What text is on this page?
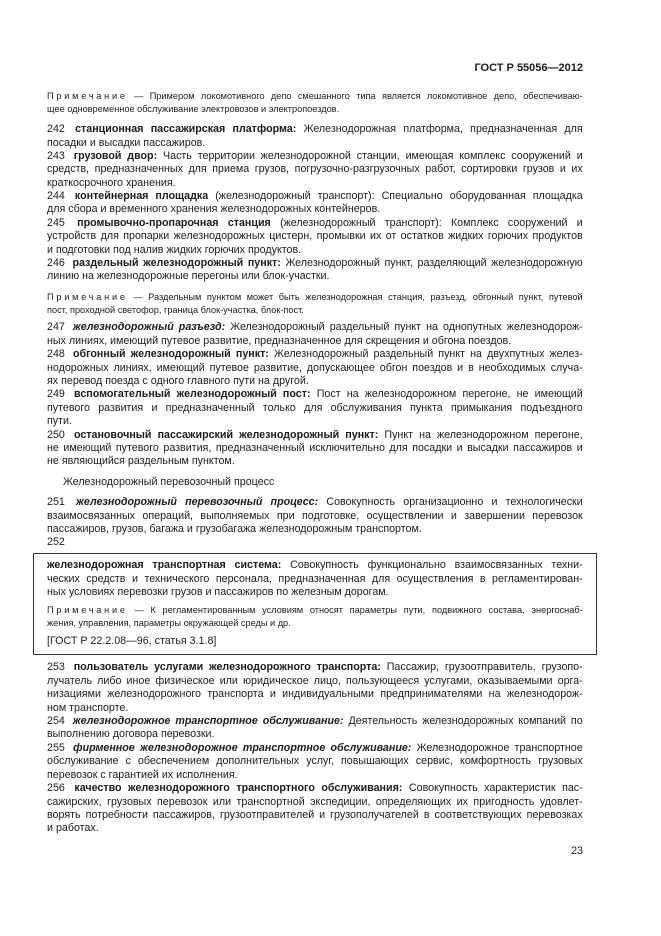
ГОСТ Р 55056—2012
Примечание — Примером локомотивного депо смешанного типа является локомотивное депо, обеспечиваю-
щее одновременное обслуживание электровозов и электропоездов.
242 станционная пассажирская платформа: Железнодорожная платформа, предназначенная для
посадки и высадки пассажиров.
243 грузовой двор: Часть территории железнодорожной станции, имеющая комплекс сооружений и
средств, предназначенных для приема грузов, погрузочно-разгрузочных работ, сортировки грузов и их
краткосрочного хранения.
244 контейнерная площадка (железнодорожный транспорт): Специально оборудованная площадка
для сбора и временного хранения железнодорожных контейнеров.
245 промывочно-пропарочная станция (железнодорожный транспорт): Комплекс сооружений и
устройств для пропарки железнодорожных цистерн, промывки их от остатков жидких горючих продуктов
и подготовки под налив жидких горючих продуктов.
246 раздельный железнодорожный пункт: Железнодорожный пункт, разделяющий железнодорожную
линию на железнодорожные перегоны или блок-участки.
Примечание — Раздельным пунктом может быть железнодорожная станция, разъезд, обгонный пункт, путевой
пост, проходной светофор, граница блок-участка, блок-пост.
247 железнодорожный разъезд: Железнодорожный раздельный пункт на однопутных железнодорож-
ных линиях, имеющий путевое развитие, предназначенное для скрещения и обгона поездов.
248 обгонный железнодорожный пункт: Железнодорожный раздельный пункт на двухпутных желез-
нодорожных линиях, имеющий путевое развитие, допускающее обгон поездов и в необходимых случа-
ях перевод поезда с одного главного пути на другой.
249 вспомогательный железнодорожный пост: Пост на железнодорожном перегоне, не имеющий
путевого развития и предназначенный только для обслуживания пункта примыкания подъездного
пути.
250 остановочный пассажирский железнодорожный пункт: Пункт на железнодорожном перегоне,
не имеющий путевого развития, предназначенный исключительно для посадки и высадки пассажиров и
не являющийся раздельным пунктом.
Железнодорожный перевозочный процесс
251 железнодорожный перевозочный процесс: Совокупность организационно и технологически
взаимосвязанных операций, выполняемых при подготовке, осуществлении и завершении перевозок
пассажиров, грузов, багажа и грузобагажа железнодорожным транспортом.
252
железнодорожная транспортная система: Совокупность функционально взаимосвязанных техни-
ческих средств и технического персонала, предназначенная для осуществления в регламентирован-
ных условиях перевозки грузов и пассажиров по железным дорогам.
Примечание — К регламентированным условиям относят параметры пути, подвижного состава, энергоснаб-
жения, управления, параметры окружающей среды и др.
[ГОСТ Р 22.2.08—96, статья 3.1.8]
253 пользователь услугами железнодорожного транспорта: Пассажир, грузоотправитель, грузопо-
лучатель либо иное физическое или юридическое лицо, пользующееся услугами, оказываемыми орга-
низациями железнодорожного транспорта и индивидуальными предпринимателями на железнодорож-
ном транспорте.
254 железнодорожное транспортное обслуживание: Деятельность железнодорожных компаний по
выполнению договора перевозки.
255 фирменное железнодорожное транспортное обслуживание: Железнодорожное транспортное
обслуживание с обеспечением дополнительных услуг, повышающих сервис, комфортность грузовых
перевозок с гарантией их исполнения.
256 качество железнодорожного транспортного обслуживания: Совокупность характеристик пас-
сажирских, грузовых перевозок или транспортной экспедиции, определяющих их пригодность удовлет-
ворять потребности пассажиров, грузоотправителей и грузополучателей в соответствующих перевозках
и работах.
23
